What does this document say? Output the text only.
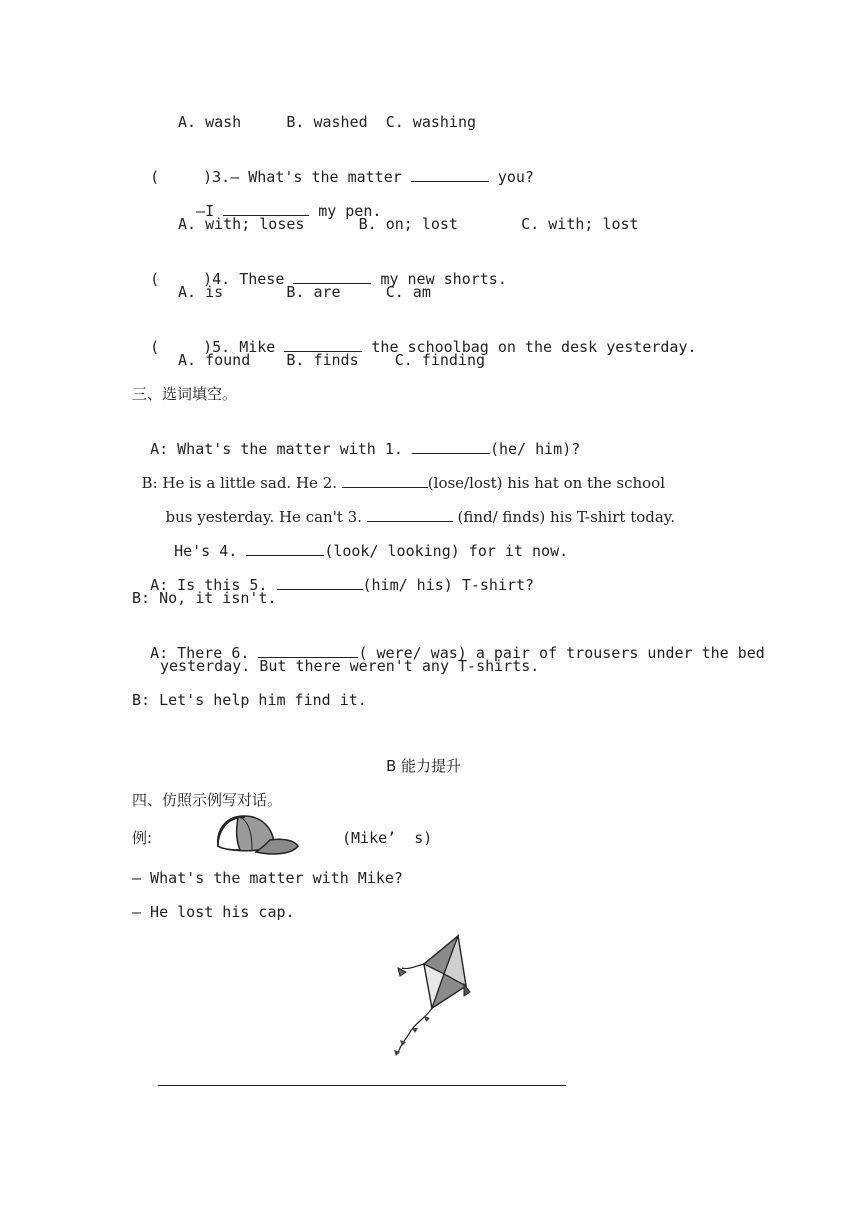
A. wash     B. washed  C. washing

(	)3.— What's the matter	you?

—I	my pen.

A. with; loses      B. on; lost       C. with; lost

(	)4. These	my new shorts.

A. is       B. are     C. am

(	)5. Mike	the schoolbag on the desk yesterday.

A. found    B. finds    C. finding
三、选词填空。

A: What's the matter with 1.	(he/ him)?

B: He is a little sad. He 2.	(lose/lost) his hat on the school

bus yesterday. He can't 3.	(find/ finds) his T-shirt today.

He's 4.	(look/ looking) for it now.

A: Is this 5.	(him/ his) T-shirt?

B: No, it isn't.

A: There 6.	( were/ was) a pair of trousers under the bed

yesterday. But there weren't any T-shirts.
B: Let's help him find it.
B 能力提升
四、仿照示例写对话。
例:	(Mike’  s)
— What's the matter with Mike?
— He lost his cap.
